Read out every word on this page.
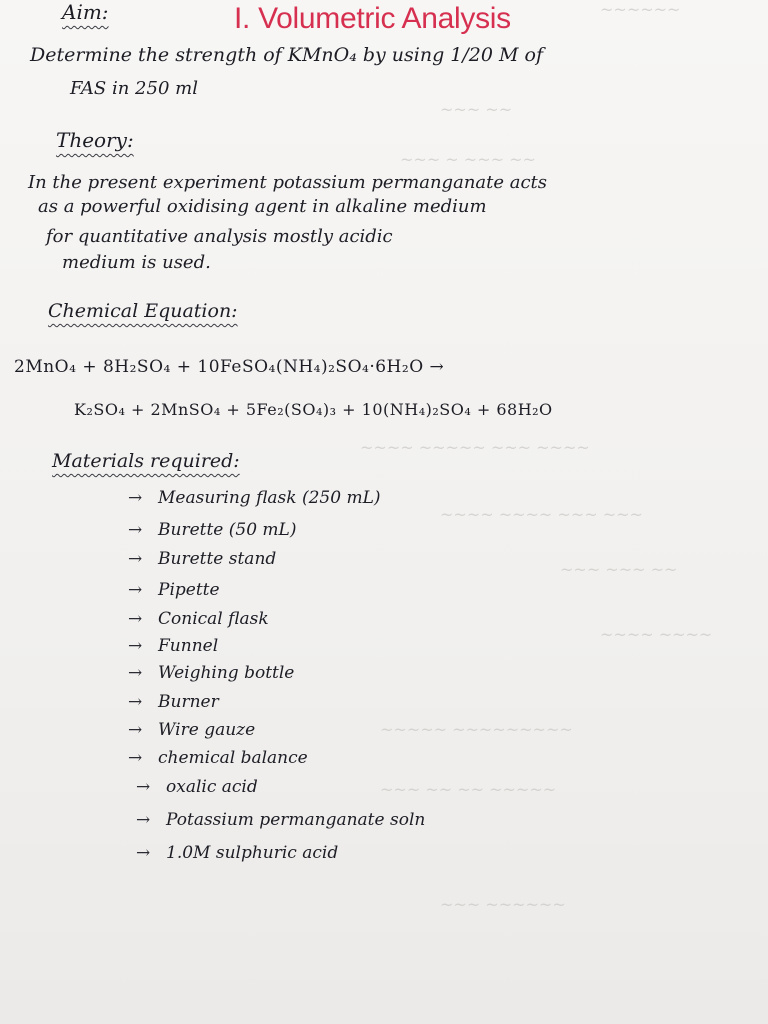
~~~~~~
~~~ ~~
~~~ ~ ~~~ ~~
~~~~ ~~~~~ ~~~ ~~~~
~~~~ ~~~~ ~~~ ~~~
~~~ ~~~ ~~
~~~~ ~~~~
~~~~~ ~~~~~~~~~
~~~ ~~ ~~ ~~~~~
~~~ ~~~~~~
I. Volumetric Analysis
Aim:
Determine the strength of KMnO₄ by using 1/20 M of
FAS in 250 ml
Theory:
In the present experiment potassium permanganate acts
as a powerful oxidising agent in alkaline medium
for quantitative analysis mostly acidic
medium is used.
Chemical Equation:
2MnO₄ + 8H₂SO₄ + 10FeSO₄(NH₄)₂SO₄·6H₂O →
K₂SO₄ + 2MnSO₄ + 5Fe₂(SO₄)₃ + 10(NH₄)₂SO₄ + 68H₂O
Materials required:
→ Measuring flask (250 mL)
→ Burette (50 mL)
→ Burette stand
→ Pipette
→ Conical flask
→ Funnel
→ Weighing bottle
→ Burner
→ Wire gauze
→ chemical balance
→ oxalic acid
→ Potassium permanganate soln
→ 1.0M sulphuric acid
